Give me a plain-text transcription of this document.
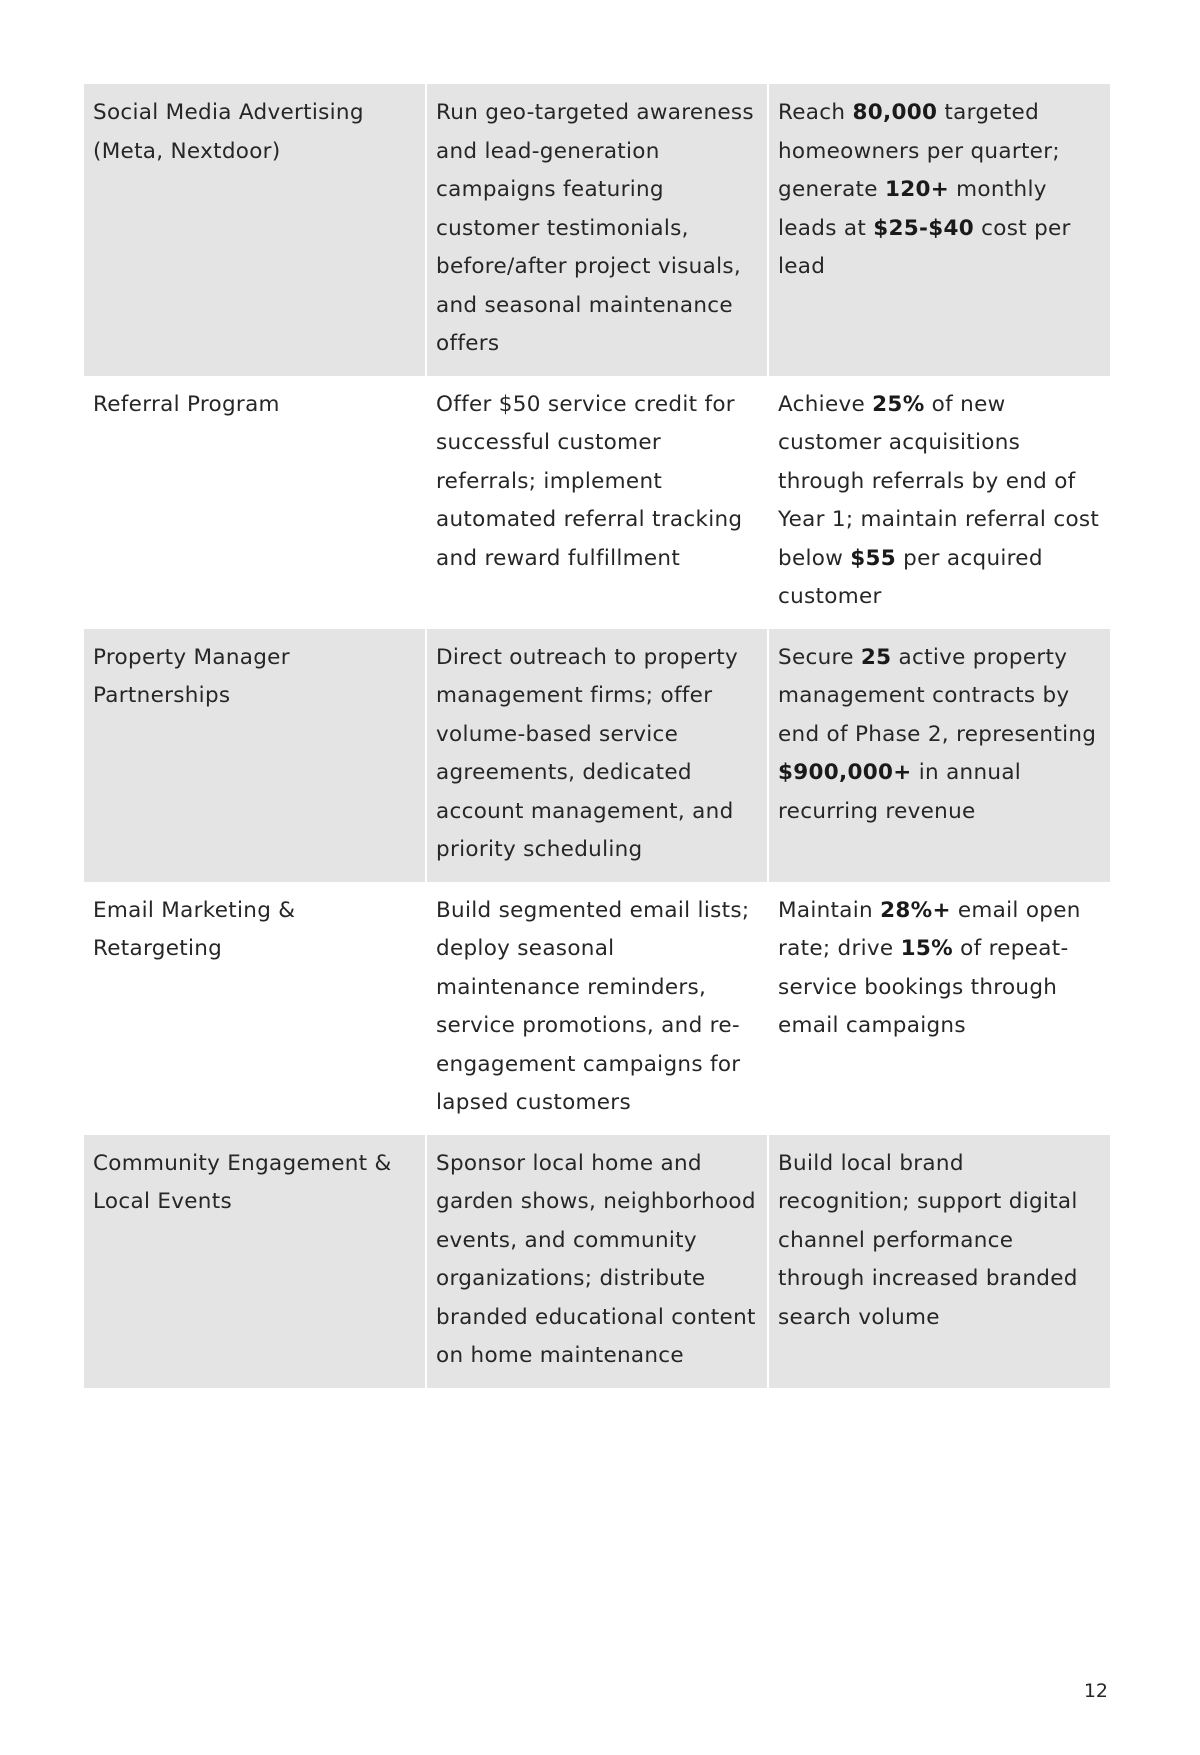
Social Media Advertising (Meta, Nextdoor)	Run geo-targeted awareness and lead-generation campaigns featuring customer testimonials, before/after project visuals, and seasonal maintenance offers	Reach 80,000 targeted homeowners per quarter; generate 120+ monthly leads at $25-$40 cost per lead
Referral Program	Offer $50 service credit for successful customer referrals; implement automated referral tracking and reward fulfillment	Achieve 25% of new customer acquisitions through referrals by end of Year 1; maintain referral cost below $55 per acquired customer
Property Manager Partnerships	Direct outreach to property management firms; offer volume-based service agreements, dedicated account management, and priority scheduling	Secure 25 active property management contracts by end of Phase 2, representing $900,000+ in annual recurring revenue
Email Marketing & Retargeting	Build segmented email lists; deploy seasonal maintenance reminders, service promotions, and re-engagement campaigns for lapsed customers	Maintain 28%+ email open rate; drive 15% of repeat-service bookings through email campaigns
Community Engagement & Local Events	Sponsor local home and garden shows, neighborhood events, and community organizations; distribute branded educational content on home maintenance	Build local brand recognition; support digital channel performance through increased branded search volume
12
